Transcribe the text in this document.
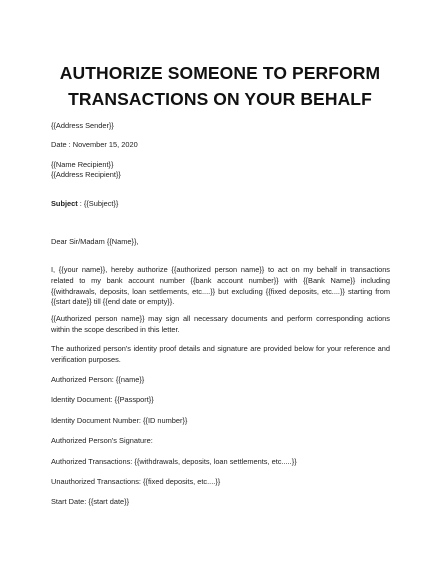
AUTHORIZE SOMEONE TO PERFORM
TRANSACTIONS ON YOUR BEHALF
{{Address Sender}}
Date : November 15, 2020
{{Name Recipient}}
{{Address Recipient}}
Subject : {{Subject}}
Dear Sir/Madam {{Name}},
I, {{your name}}, hereby authorize {{authorized person name}} to act on my behalf in transactions related to my bank account number {{bank account number}} with {{Bank Name}} including {{withdrawals, deposits, loan settlements, etc....}} but excluding {{fixed deposits, etc....}} starting from {{start date}} till {{end date or empty}}.
{{Authorized person name}} may sign all necessary documents and perform corresponding actions within the scope described in this letter.
The authorized person’s identity proof details and signature are provided below for your reference and verification purposes.
Authorized Person: {{name}}
Identity Document: {{Passport}}
Identity Document Number: {{ID number}}
Authorized Person’s Signature:
Authorized Transactions: {{withdrawals, deposits, loan settlements, etc.....}}
Unauthorized Transactions: {{fixed deposits, etc....}}
Start Date: {{start date}}
